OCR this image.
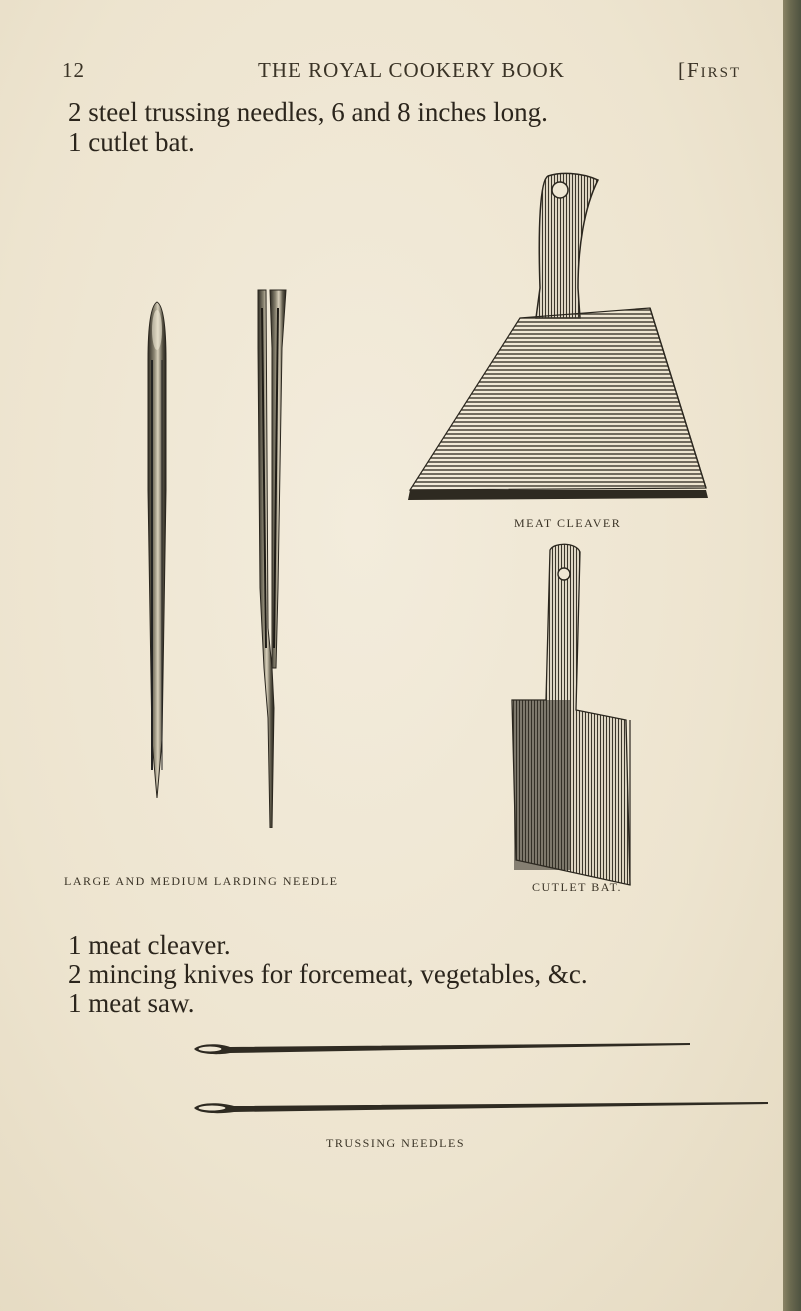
12	THE ROYAL COOKERY BOOK	[First
2 steel trussing needles, 6 and 8 inches long.
1 cutlet bat.
LARGE AND MEDIUM LARDING NEEDLE
MEAT CLEAVER
CUTLET BAT.
1 meat cleaver.
2 mincing knives for forcemeat, vegetables, &c.
1 meat saw.
TRUSSING NEEDLES
